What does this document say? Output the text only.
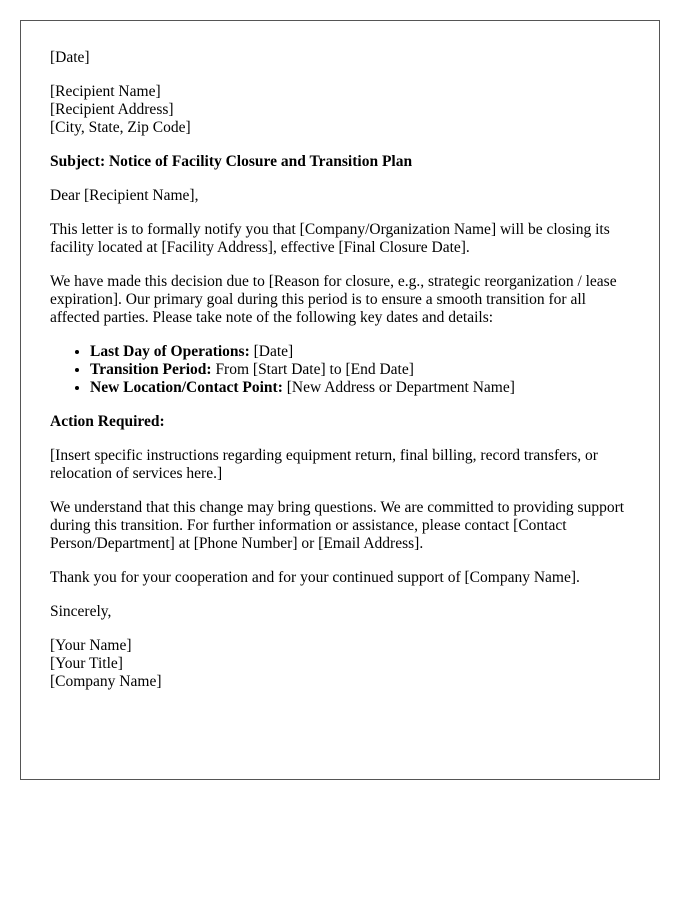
[Date]

[Recipient Name]
[Recipient Address]
[City, State, Zip Code]

Subject: Notice of Facility Closure and Transition Plan

Dear [Recipient Name],

This letter is to formally notify you that [Company/Organization Name] will be closing its facility located at [Facility Address], effective [Final Closure Date].

We have made this decision due to [Reason for closure, e.g., strategic reorganization / lease expiration]. Our primary goal during this period is to ensure a smooth transition for all affected parties. Please take note of the following key dates and details:

• Last Day of Operations: [Date]
• Transition Period: From [Start Date] to [End Date]
• New Location/Contact Point: [New Address or Department Name]

Action Required:

[Insert specific instructions regarding equipment return, final billing, record transfers, or relocation of services here.]

We understand that this change may bring questions. We are committed to providing support during this transition. For further information or assistance, please contact [Contact Person/Department] at [Phone Number] or [Email Address].

Thank you for your cooperation and for your continued support of [Company Name].

Sincerely,

[Your Name]
[Your Title]
[Company Name]
